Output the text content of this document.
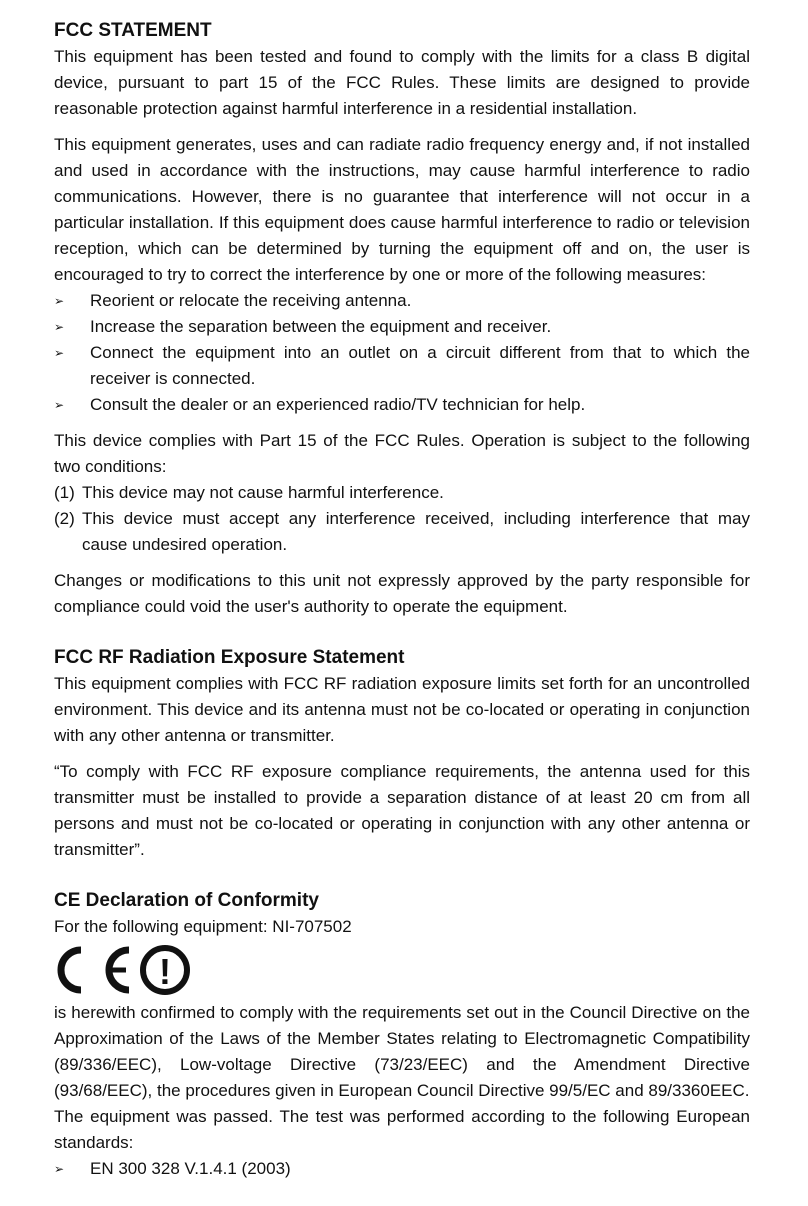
FCC STATEMENT

This equipment has been tested and found to comply with the limits for a class B digital device, pursuant to part 15 of the FCC Rules. These limits are designed to provide reasonable protection against harmful interference in a residential installation.

This equipment generates, uses and can radiate radio frequency energy and, if not installed and used in accordance with the instructions, may cause harmful interference to radio communications. However, there is no guarantee that interference will not occur in a particular installation. If this equipment does cause harmful interference to radio or television reception, which can be determined by turning the equipment off and on, the user is encouraged to try to correct the interference by one or more of the following measures:

➢ Reorient or relocate the receiving antenna.
➢ Increase the separation between the equipment and receiver.
➢ Connect the equipment into an outlet on a circuit different from that to which the receiver is connected.
➢ Consult the dealer or an experienced radio/TV technician for help.

This device complies with Part 15 of the FCC Rules. Operation is subject to the following two conditions:

(1) This device may not cause harmful interference.
(2) This device must accept any interference received, including interference that may cause undesired operation.

Changes or modifications to this unit not expressly approved by the party responsible for compliance could void the user's authority to operate the equipment.

FCC RF Radiation Exposure Statement

This equipment complies with FCC RF radiation exposure limits set forth for an uncontrolled environment. This device and its antenna must not be co-located or operating in conjunction with any other antenna or transmitter.

“To comply with FCC RF exposure compliance requirements, the antenna used for this transmitter must be installed to provide a separation distance of at least 20 cm from all persons and must not be co-located or operating in conjunction with any other antenna or transmitter”.

CE Declaration of Conformity

For the following equipment: NI-707502

!

is herewith confirmed to comply with the requirements set out in the Council Directive on the Approximation of the Laws of the Member States relating to Electromagnetic Compatibility (89/336/EEC), Low-voltage Directive (73/23/EEC) and the Amendment Directive (93/68/EEC), the procedures given in European Council Directive 99/5/EC and 89/3360EEC.

The equipment was passed. The test was performed according to the following European standards:

➢ EN 300 328 V.1.4.1 (2003)
